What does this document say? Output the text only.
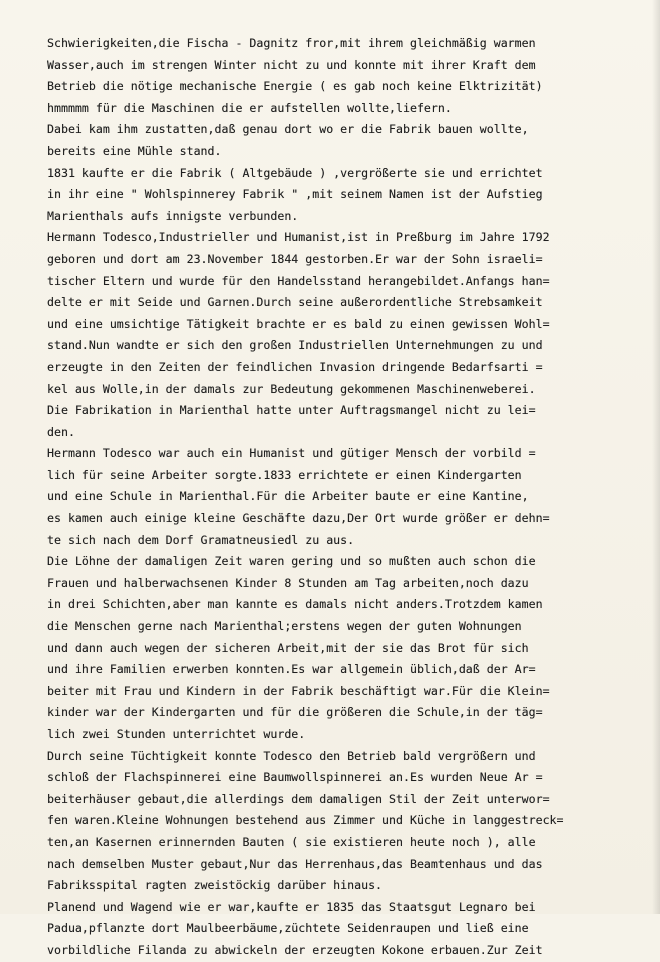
Schwierigkeiten,die Fischa - Dagnitz fror,mit ihrem gleichmäßig warmen
Wasser,auch im strengen Winter nicht zu und konnte mit ihrer Kraft dem
Betrieb die nötige mechanische Energie ( es gab noch keine Elktrizität)
hmmmmm für die Maschinen die er aufstellen wollte,liefern.
Dabei kam ihm zustatten,daß genau dort wo er die Fabrik bauen wollte,
bereits eine Mühle stand.
1831 kaufte er die Fabrik ( Altgebäude ) ,vergrößerte sie und errichtet
in ihr eine " Wohlspinnerey Fabrik " ,mit seinem Namen ist der Aufstieg
Marienthals aufs innigste verbunden.
Hermann Todesco,Industrieller und Humanist,ist in Preßburg im Jahre 1792
geboren und dort am 23.November 1844 gestorben.Er war der Sohn israeli=
tischer Eltern und wurde für den Handelsstand herangebildet.Anfangs han=
delte er mit Seide und Garnen.Durch seine außerordentliche Strebsamkeit
und eine umsichtige Tätigkeit brachte er es bald zu einen gewissen Wohl=
stand.Nun wandte er sich den großen Industriellen Unternehmungen zu und
erzeugte in den Zeiten der feindlichen Invasion dringende Bedarfsarti =
kel aus Wolle,in der damals zur Bedeutung gekommenen Maschinenweberei.
Die Fabrikation in Marienthal hatte unter Auftragsmangel nicht zu lei=
den.
Hermann Todesco war auch ein Humanist und gütiger Mensch der vorbild =
lich für seine Arbeiter sorgte.1833 errichtete er einen Kindergarten
und eine Schule in Marienthal.Für die Arbeiter baute er eine Kantine,
es kamen auch einige kleine Geschäfte dazu,Der Ort wurde größer er dehn=
te sich nach dem Dorf Gramatneusiedl zu aus.
Die Löhne der damaligen Zeit waren gering und so mußten auch schon die
Frauen und halberwachsenen Kinder 8 Stunden am Tag arbeiten,noch dazu
in drei Schichten,aber man kannte es damals nicht anders.Trotzdem kamen
die Menschen gerne nach Marienthal;erstens wegen der guten Wohnungen
und dann auch wegen der sicheren Arbeit,mit der sie das Brot für sich
und ihre Familien erwerben konnten.Es war allgemein üblich,daß der Ar=
beiter mit Frau und Kindern in der Fabrik beschäftigt war.Für die Klein=
kinder war der Kindergarten und für die größeren die Schule,in der täg=
lich zwei Stunden unterrichtet wurde.
Durch seine Tüchtigkeit konnte Todesco den Betrieb bald vergrößern und
schloß der Flachspinnerei eine Baumwollspinnerei an.Es wurden Neue Ar =
beiterhäuser gebaut,die allerdings dem damaligen Stil der Zeit unterwor=
fen waren.Kleine Wohnungen bestehend aus Zimmer und Küche in langgestreck=
ten,an Kasernen erinnernden Bauten ( sie existieren heute noch ), alle
nach demselben Muster gebaut,Nur das Herrenhaus,das Beamtenhaus und das
Fabriksspital ragten zweistöckig darüber hinaus.
Planend und Wagend wie er war,kaufte er 1835 das Staatsgut Legnaro bei
Padua,pflanzte dort Maulbeerbäume,züchtete Seidenraupen und ließ eine
vorbildliche Filanda zu abwickeln der erzeugten Kokone erbauen.Zur Zeit
